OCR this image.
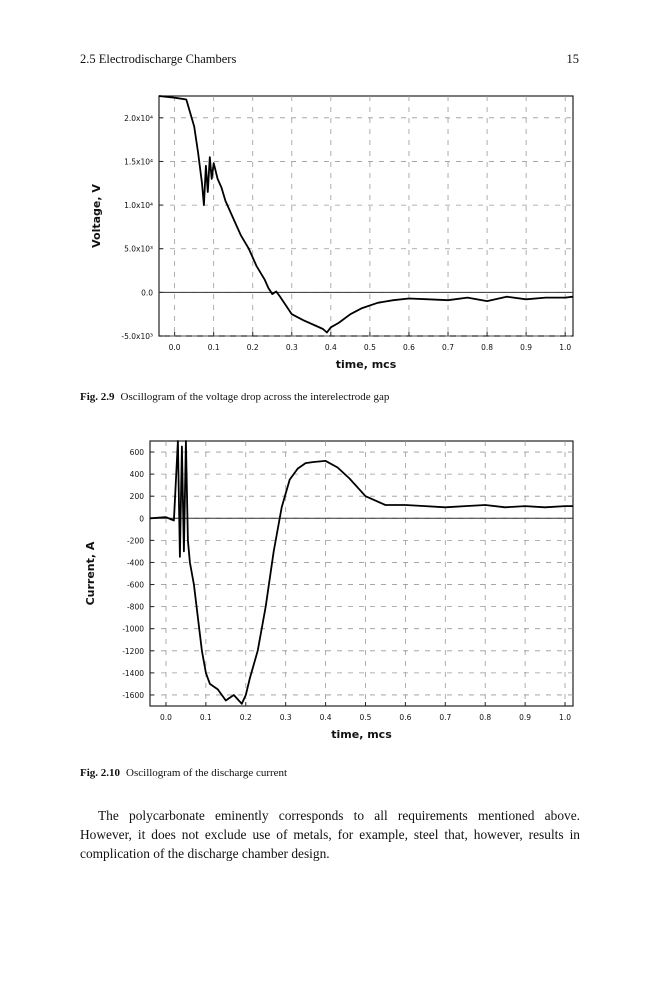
2.5 Electrodischarge Chambers	15
0.0	0.1	0.2	0.3	0.4	0.5	0.6	0.7	0.8	0.9	1.0
2.0x10⁴
1.5x10⁴
1.0x10⁴
5.0x10³
0.0
-5.0x10³
time, mcs
Voltage, V
Fig. 2.9 Oscillogram of the voltage drop across the interelectrode gap
0.0	0.1	0.2	0.3	0.4	0.5	0.6	0.7	0.8	0.9	1.0
600
400
200
0
-200
-400
-600
-800
-1000
-1200
-1400
-1600
time, mcs
Current, A
Fig. 2.10 Oscillogram of the discharge current

The polycarbonate eminently corresponds to all requirements mentioned above. However, it does not exclude use of metals, for example, steel that, however, results in complication of the discharge chamber design.
